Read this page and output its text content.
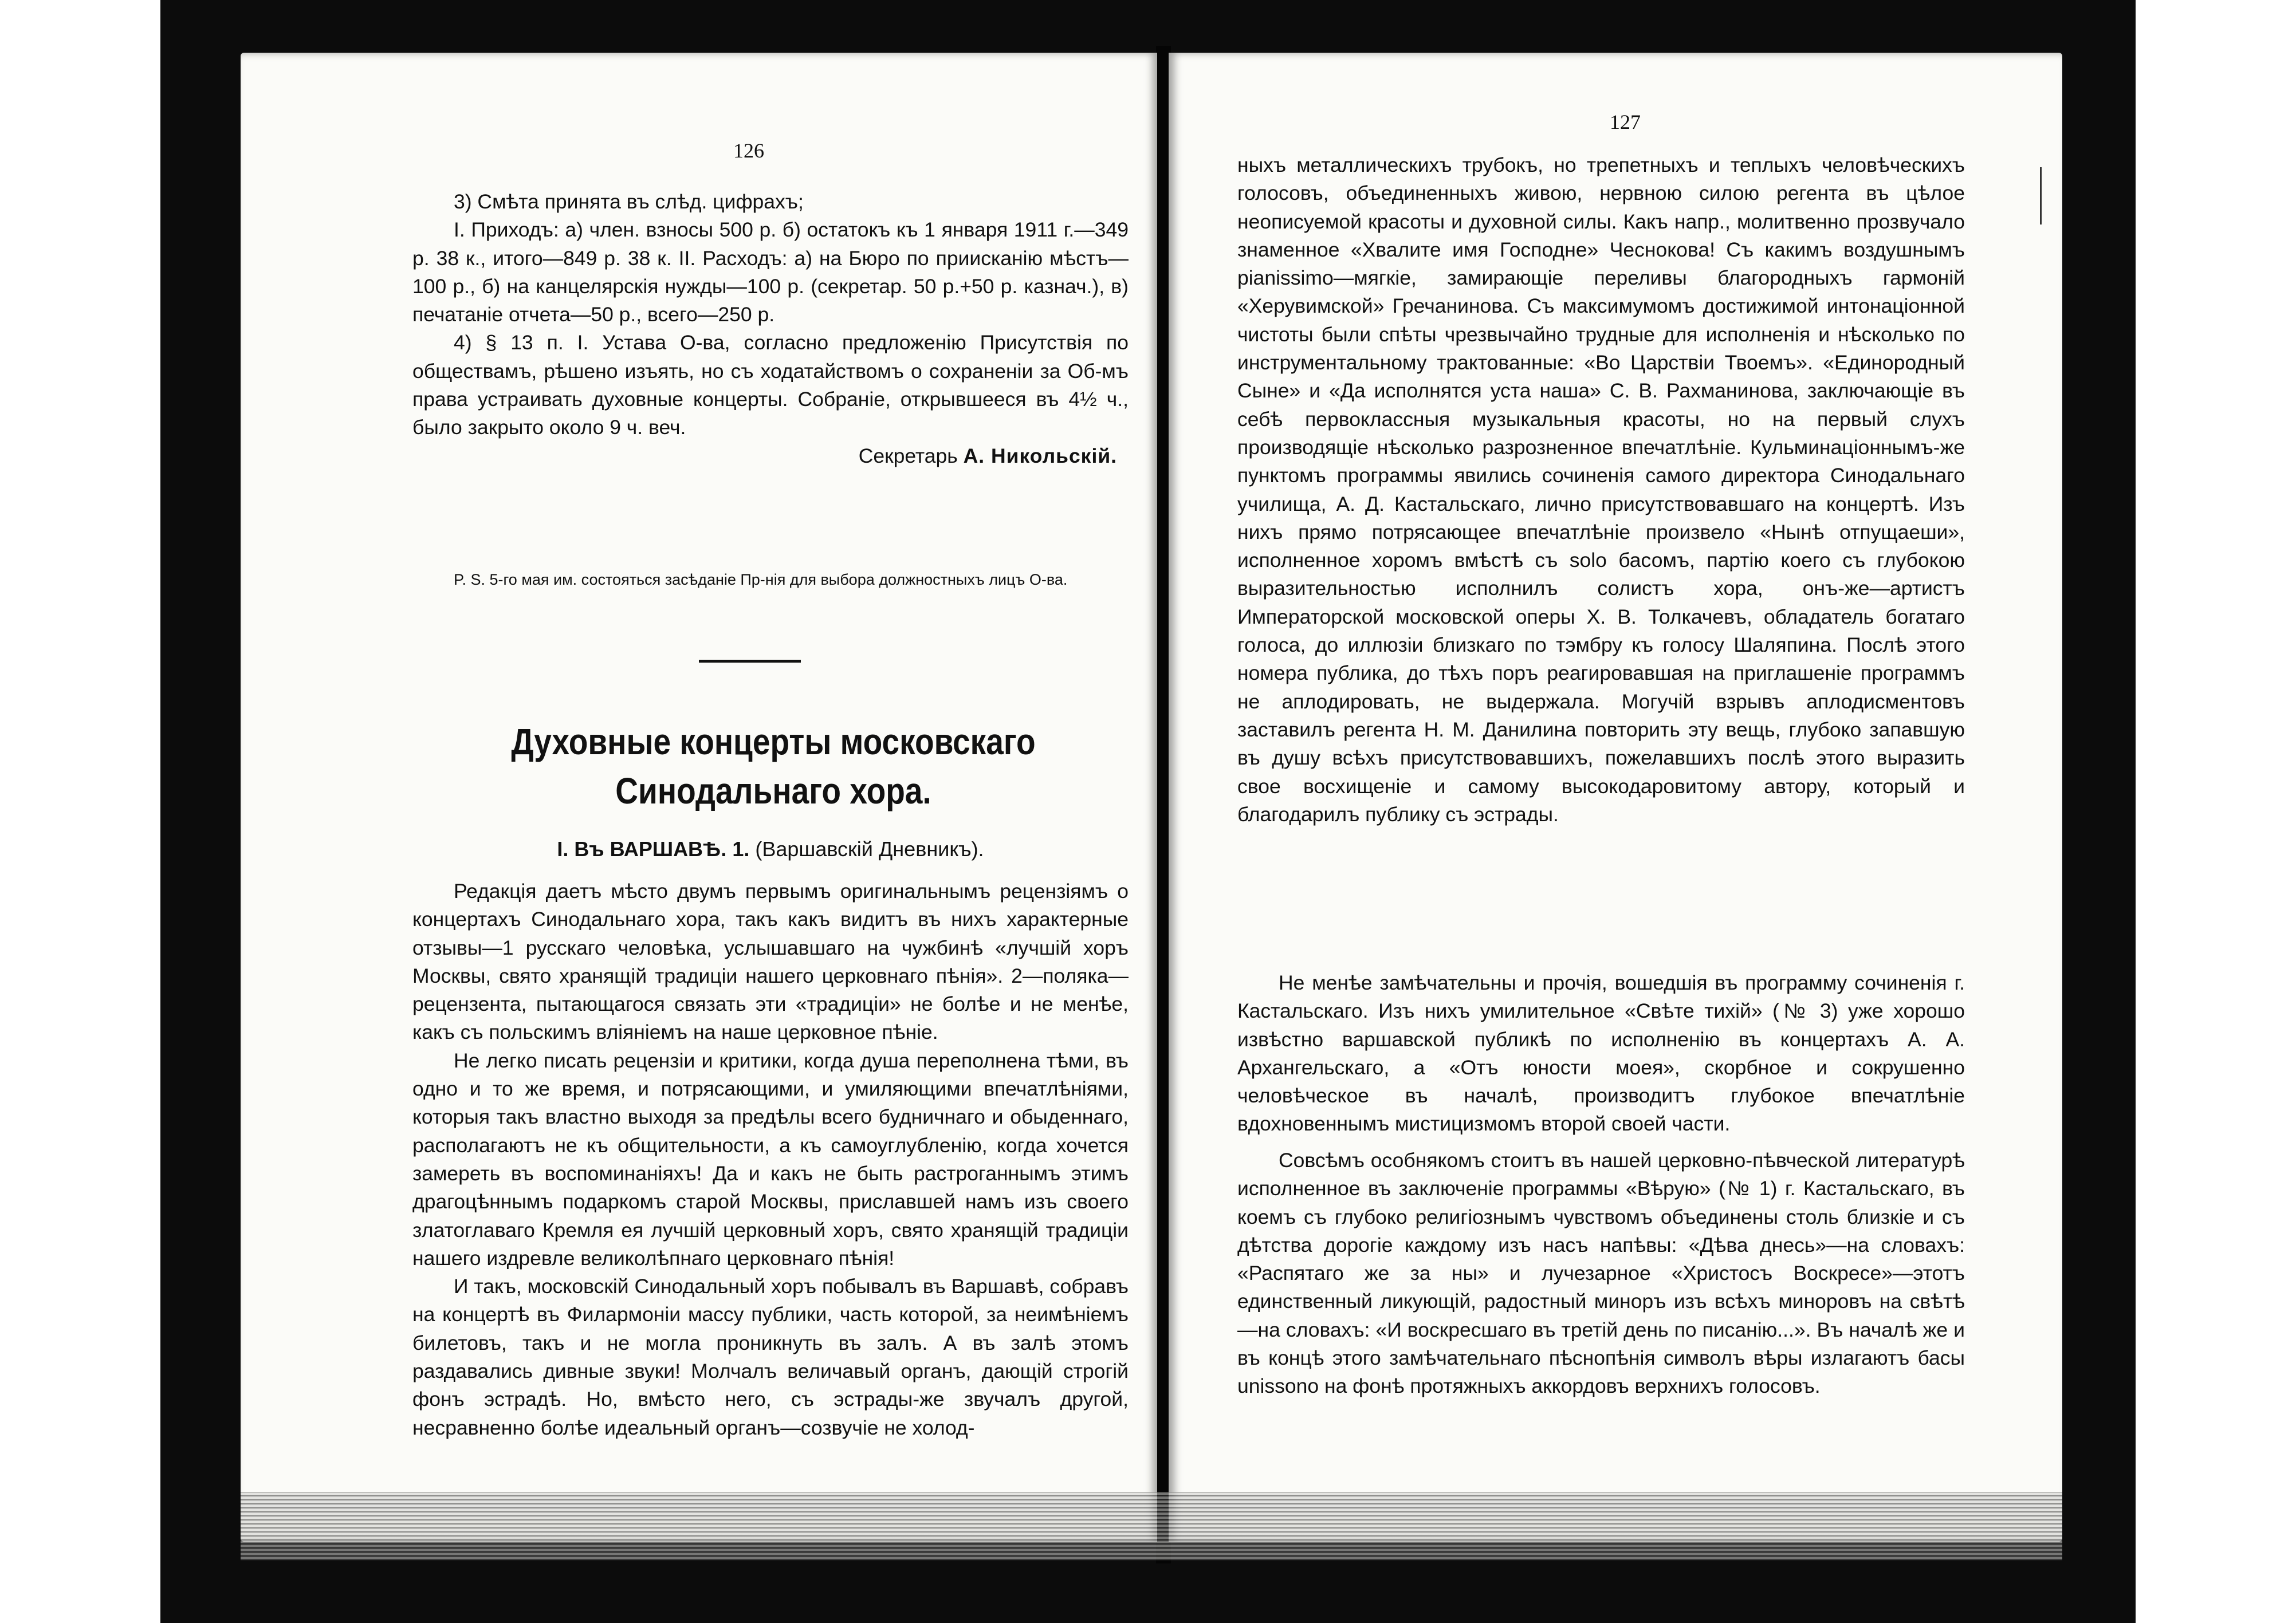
126

3) Смѣта принята въ слѣд. цифрахъ;

I. Приходъ: а) член. взносы 500 р. б) остатокъ къ 1 января 1911 г.—349 р. 38 к., итого—849 р. 38 к. II. Расходъ: а) на Бюро по приисканію мѣстъ—100 р., б) на канцелярскія нужды—100 р. (секретар. 50 р.+50 р. казнач.), в) печатаніе отчета—50 р., всего—250 р.

4) § 13 п. I. Устава О-ва, согласно предложенію Присутствія по обществамъ, рѣшено изъять, но съ ходатайствомъ о сохраненіи за Об-мъ права устраивать духовные концерты. Собраніе, открывшееся въ 4½ ч., было закрыто около 9 ч. веч.

Секретарь А. Никольскій.

P. S. 5-го мая им. состояться засѣданіе Пр-нія для выбора должностныхъ лицъ О-ва.

Духовные концерты московскаго Синодальнаго хора.
I. Въ ВАРШАВѢ. 1. (Варшавскій Дневникъ).

Редакція даетъ мѣсто двумъ первымъ оригинальнымъ рецензіямъ о концертахъ Синодальнаго хора, такъ какъ видитъ въ нихъ характерные отзывы—1 русскаго человѣка, услышавшаго на чужбинѣ «лучшій хоръ Москвы, свято хранящій традиціи нашего церковнаго пѣнія». 2—поляка—рецензента, пытающагося связать эти «традиціи» не болѣе и не менѣе, какъ съ польскимъ вліяніемъ на наше церковное пѣніе.

Не легко писать рецензіи и критики, когда душа переполнена тѣми, въ одно и то же время, и потрясающими, и умиляющими впечатлѣніями, которыя такъ властно выходя за предѣлы всего будничнаго и обыденнаго, располагаютъ не къ общительности, а къ самоуглубленію, когда хочется замереть въ воспоминаніяхъ! Да и какъ не быть растроганнымъ этимъ драгоцѣннымъ подаркомъ старой Москвы, приславшей намъ изъ своего златоглаваго Кремля ея лучшій церковный хоръ, свято хранящій традиціи нашего издревле великолѣпнаго церковнаго пѣнія!

И такъ, московскій Синодальный хоръ побывалъ въ Варшавѣ, собравъ на концертѣ въ Филармоніи массу публики, часть которой, за неимѣніемъ билетовъ, такъ и не могла проникнуть въ залъ. А въ залѣ этомъ раздавались дивные звуки! Молчалъ величавый органъ, дающій строгій фонъ эстрадѣ. Но, вмѣсто него, съ эстрады-же звучалъ другой, несравненно болѣе идеальный органъ—созвучіе не холод-

127

ныхъ металлическихъ трубокъ, но трепетныхъ и теплыхъ человѣческихъ голосовъ, объединенныхъ живою, нервною силою регента въ цѣлое неописуемой красоты и духовной силы. Какъ напр., молитвенно прозвучало знаменное «Хвалите имя Господне» Чеснокова! Съ какимъ воздушнымъ pianissimo—мягкіе, замирающіе переливы благородныхъ гармоній «Херувимской» Гречанинова. Съ максимумомъ достижимой интонаціонной чистоты были спѣты чрезвычайно трудные для исполненія и нѣсколько по инструментальному трактованные: «Во Царствіи Твоемъ». «Единородный Сыне» и «Да исполнятся уста наша» С. В. Рахманинова, заключающіе въ себѣ первоклассныя музыкальныя красоты, но на первый слухъ производящіе нѣсколько разрозненное впечатлѣніе. Кульминаціоннымъ-же пунктомъ программы явились сочиненія самого директора Синодальнаго училища, А. Д. Кастальскаго, лично присутствовавшаго на концертѣ. Изъ нихъ прямо потрясающее впечатлѣніе произвело «Нынѣ отпущаеши», исполненное хоромъ вмѣстѣ съ solo басомъ, партію коего съ глубокою выразительностью исполнилъ солистъ хора, онъ-же—артистъ Императорской московской оперы Х. В. Толкачевъ, обладатель богатаго голоса, до иллюзіи близкаго по тэмбру къ голосу Шаляпина. Послѣ этого номера публика, до тѣхъ поръ реагировавшая на приглашеніе программъ не аплодировать, не выдержала. Могучій взрывъ аплодисментовъ заставилъ регента Н. М. Данилина повторить эту вещь, глубоко запавшую въ душу всѣхъ присутствовавшихъ, пожелавшихъ послѣ этого выразить свое восхищеніе и самому высокодаровитому автору, который и благодарилъ публику съ эстрады.

Не менѣе замѣчательны и прочія, вошедшія въ программу сочиненія г. Кастальскаго. Изъ нихъ умилительное «Свѣте тихій» (№ 3) уже хорошо извѣстно варшавской публикѣ по исполненію въ концертахъ А. А. Архангельскаго, а «Отъ юности моея», скорбное и сокрушенно человѣческое въ началѣ, производитъ глубокое впечатлѣніе вдохновеннымъ мистицизмомъ второй своей части.

Совсѣмъ особнякомъ стоитъ въ нашей церковно-пѣвческой литературѣ исполненное въ заключеніе программы «Вѣрую» (№ 1) г. Кастальскаго, въ коемъ съ глубоко религіознымъ чувствомъ объединены столь близкіе и съ дѣтства дорогіе каждому изъ насъ напѣвы: «Дѣва днесь»—на словахъ: «Распятаго же за ны» и лучезарное «Христосъ Воскресе»—этотъ единственный ликующій, радостный миноръ изъ всѣхъ миноровъ на свѣтѣ—на словахъ: «И воскресшаго въ третій день по писанію...». Въ началѣ же и въ концѣ этого замѣчательнаго пѣснопѣнія символъ вѣры излагаютъ басы unissono на фонѣ протяжныхъ аккордовъ верхнихъ голосовъ.
